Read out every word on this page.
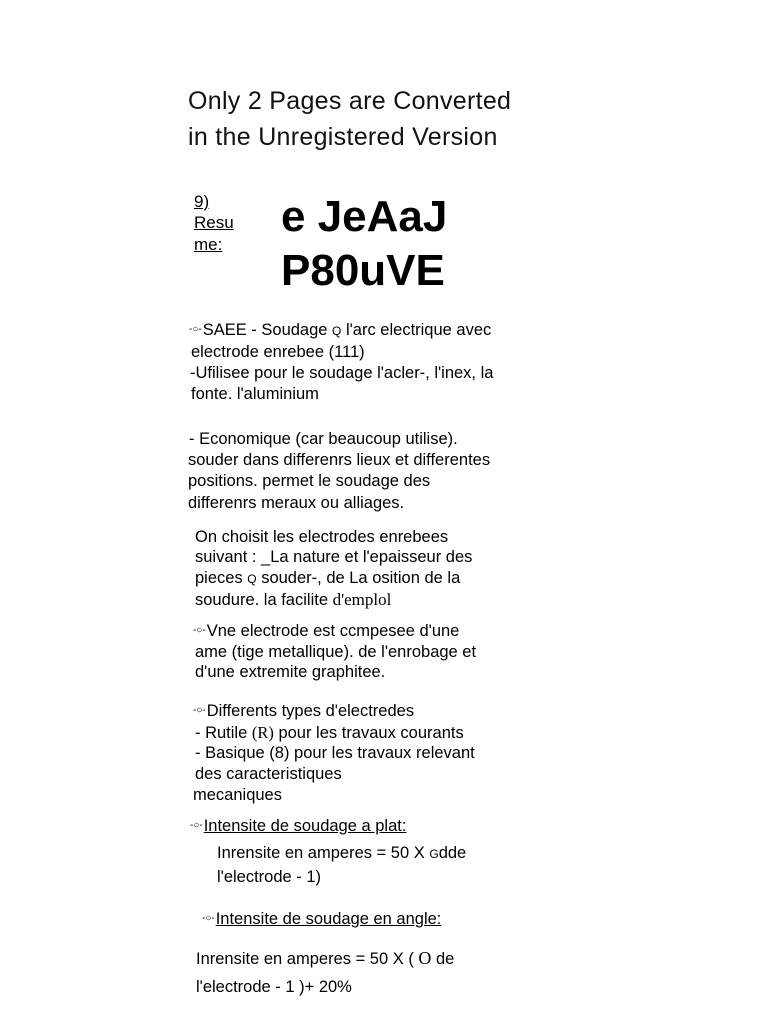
Only 2 Pages are Converted
in the Unregistered Version
9)
Resu
me:
e JeAaJ
P80uVE
-○-SAEE - Soudage Q l'arc electrique avec
electrode enrebee (111)
-Ufilisee pour le soudage l'acler-, l'inex, la
fonte. l'aluminium
- Economique (car beaucoup utilise).
souder dans differenrs lieux et differentes
positions. permet le soudage des
differenrs meraux ou alliages.
On choisit les electrodes enrebees
suivant : _La nature et l'epaisseur des
pieces Q souder-, de La osition de la
soudure. la facilite d'emplol
-○-Vne electrode est ccmpesee d'une
ame (tige metallique). de l'enrobage et
d'une extremite graphitee.
-○-Differents types d'electredes
- Rutile (R) pour les travaux courants
- Basique (8) pour les travaux relevant
des caracteristiques
mecaniques
-○-Intensite de soudage a plat:
Inrensite en amperes = 50 X Gdde
l'electrode - 1)
-○-Intensite de soudage en angle:
Inrensite en amperes = 50 X ( O de
l'electrode - 1 )+ 20%
